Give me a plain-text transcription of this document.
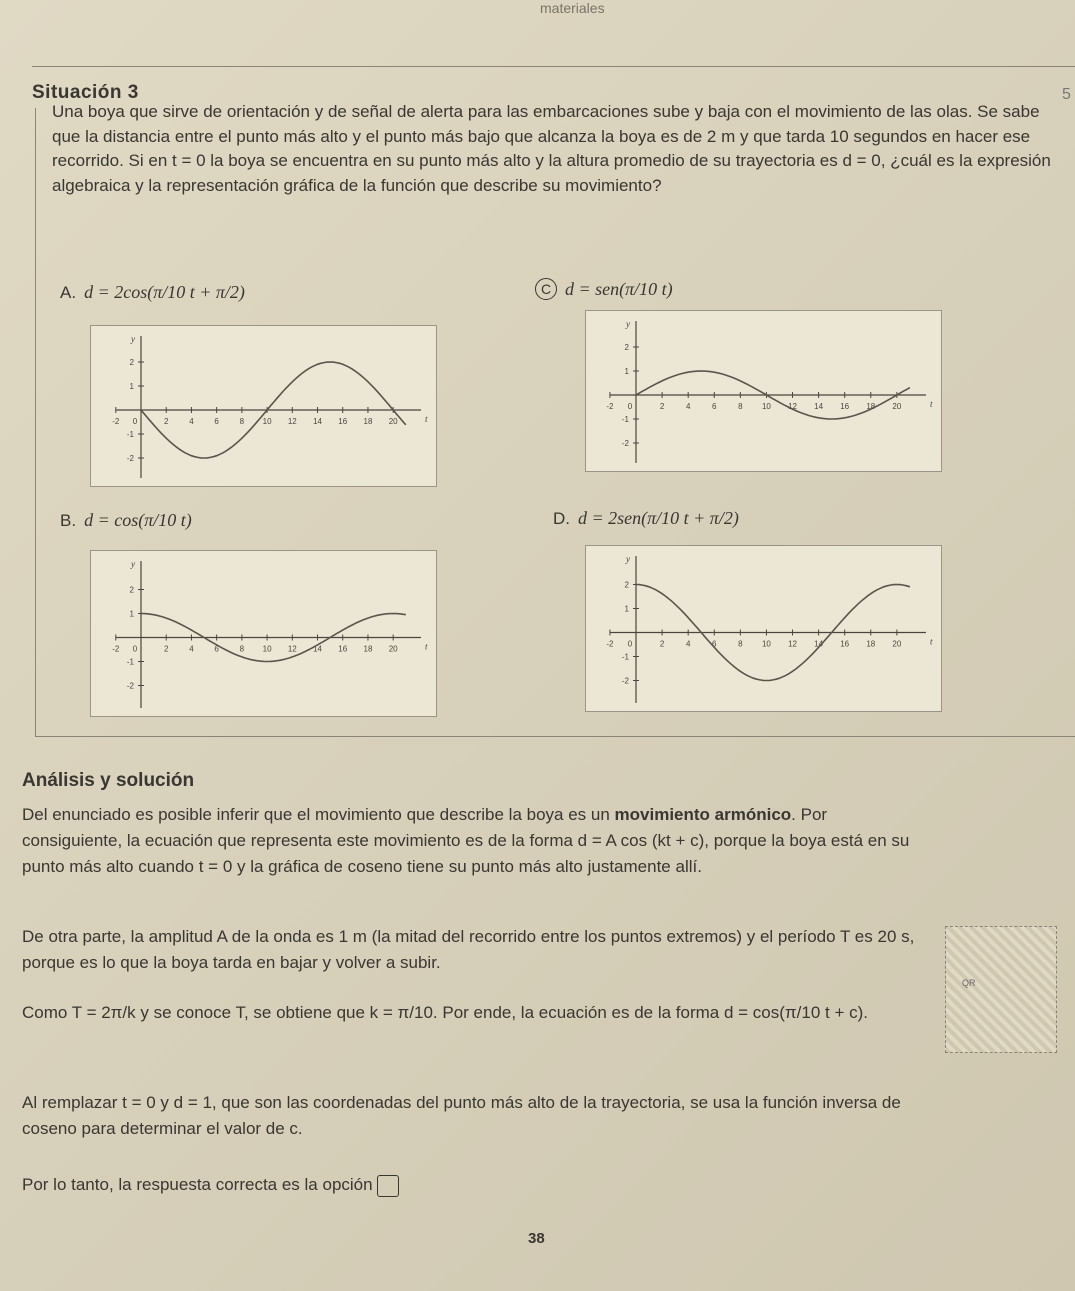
materiales
5
Situación 3
Una boya que sirve de orientación y de señal de alerta para las embarcaciones sube y baja con el movimiento de las olas. Se sabe que la distancia entre el punto más alto y el punto más bajo que alcanza la boya es de 2 m y que tarda 10 segundos en hacer ese recorrido. Si en t = 0 la boya se encuentra en su punto más alto y la altura promedio de su trayectoria es d = 0, ¿cuál es la expresión algebraica y la representación gráfica de la función que describe su movimiento?
A. d = 2cos(π/10 t + π/2)	C d = sen(π/10 t)
B. d = cos(π/10 t)	D. d = 2sen(π/10 t + π/2)
-2	2	4	6	8 10 12 14 16 18 20
0
2
1
-1
-2
t
y
-2	2	4	6	8 10 12 14 16 18 20
0
2
1
-1
-2
t
y
-2	2	4	6	8 10 12 14 16 18 20
0
2
1
-1
-2
t
y
-2	2	4	6	8 10 12 14 16 18 20
0
2
1
-1
-2
t
y
Análisis y solución
Del enunciado es posible inferir que el movimiento que describe la boya es un movimiento armónico. Por consiguiente, la ecuación que representa este movimiento es de la forma d = A cos (kt + c), porque la boya está en su punto más alto cuando t = 0 y la gráfica de coseno tiene su punto más alto justamente allí.
De otra parte, la amplitud A de la onda es 1 m (la mitad del recorrido entre los puntos extremos) y el período T es 20 s, porque es lo que la boya tarda en bajar y volver a subir.
Como T = 2π/k y se conoce T, se obtiene que k = π/10. Por ende, la ecuación es de la forma d = cos(π/10 t + c).
Al remplazar t = 0 y d = 1, que son las coordenadas del punto más alto de la trayectoria, se usa la función inversa de coseno para determinar el valor de c.
Por lo tanto, la respuesta correcta es la opción
QR
38
